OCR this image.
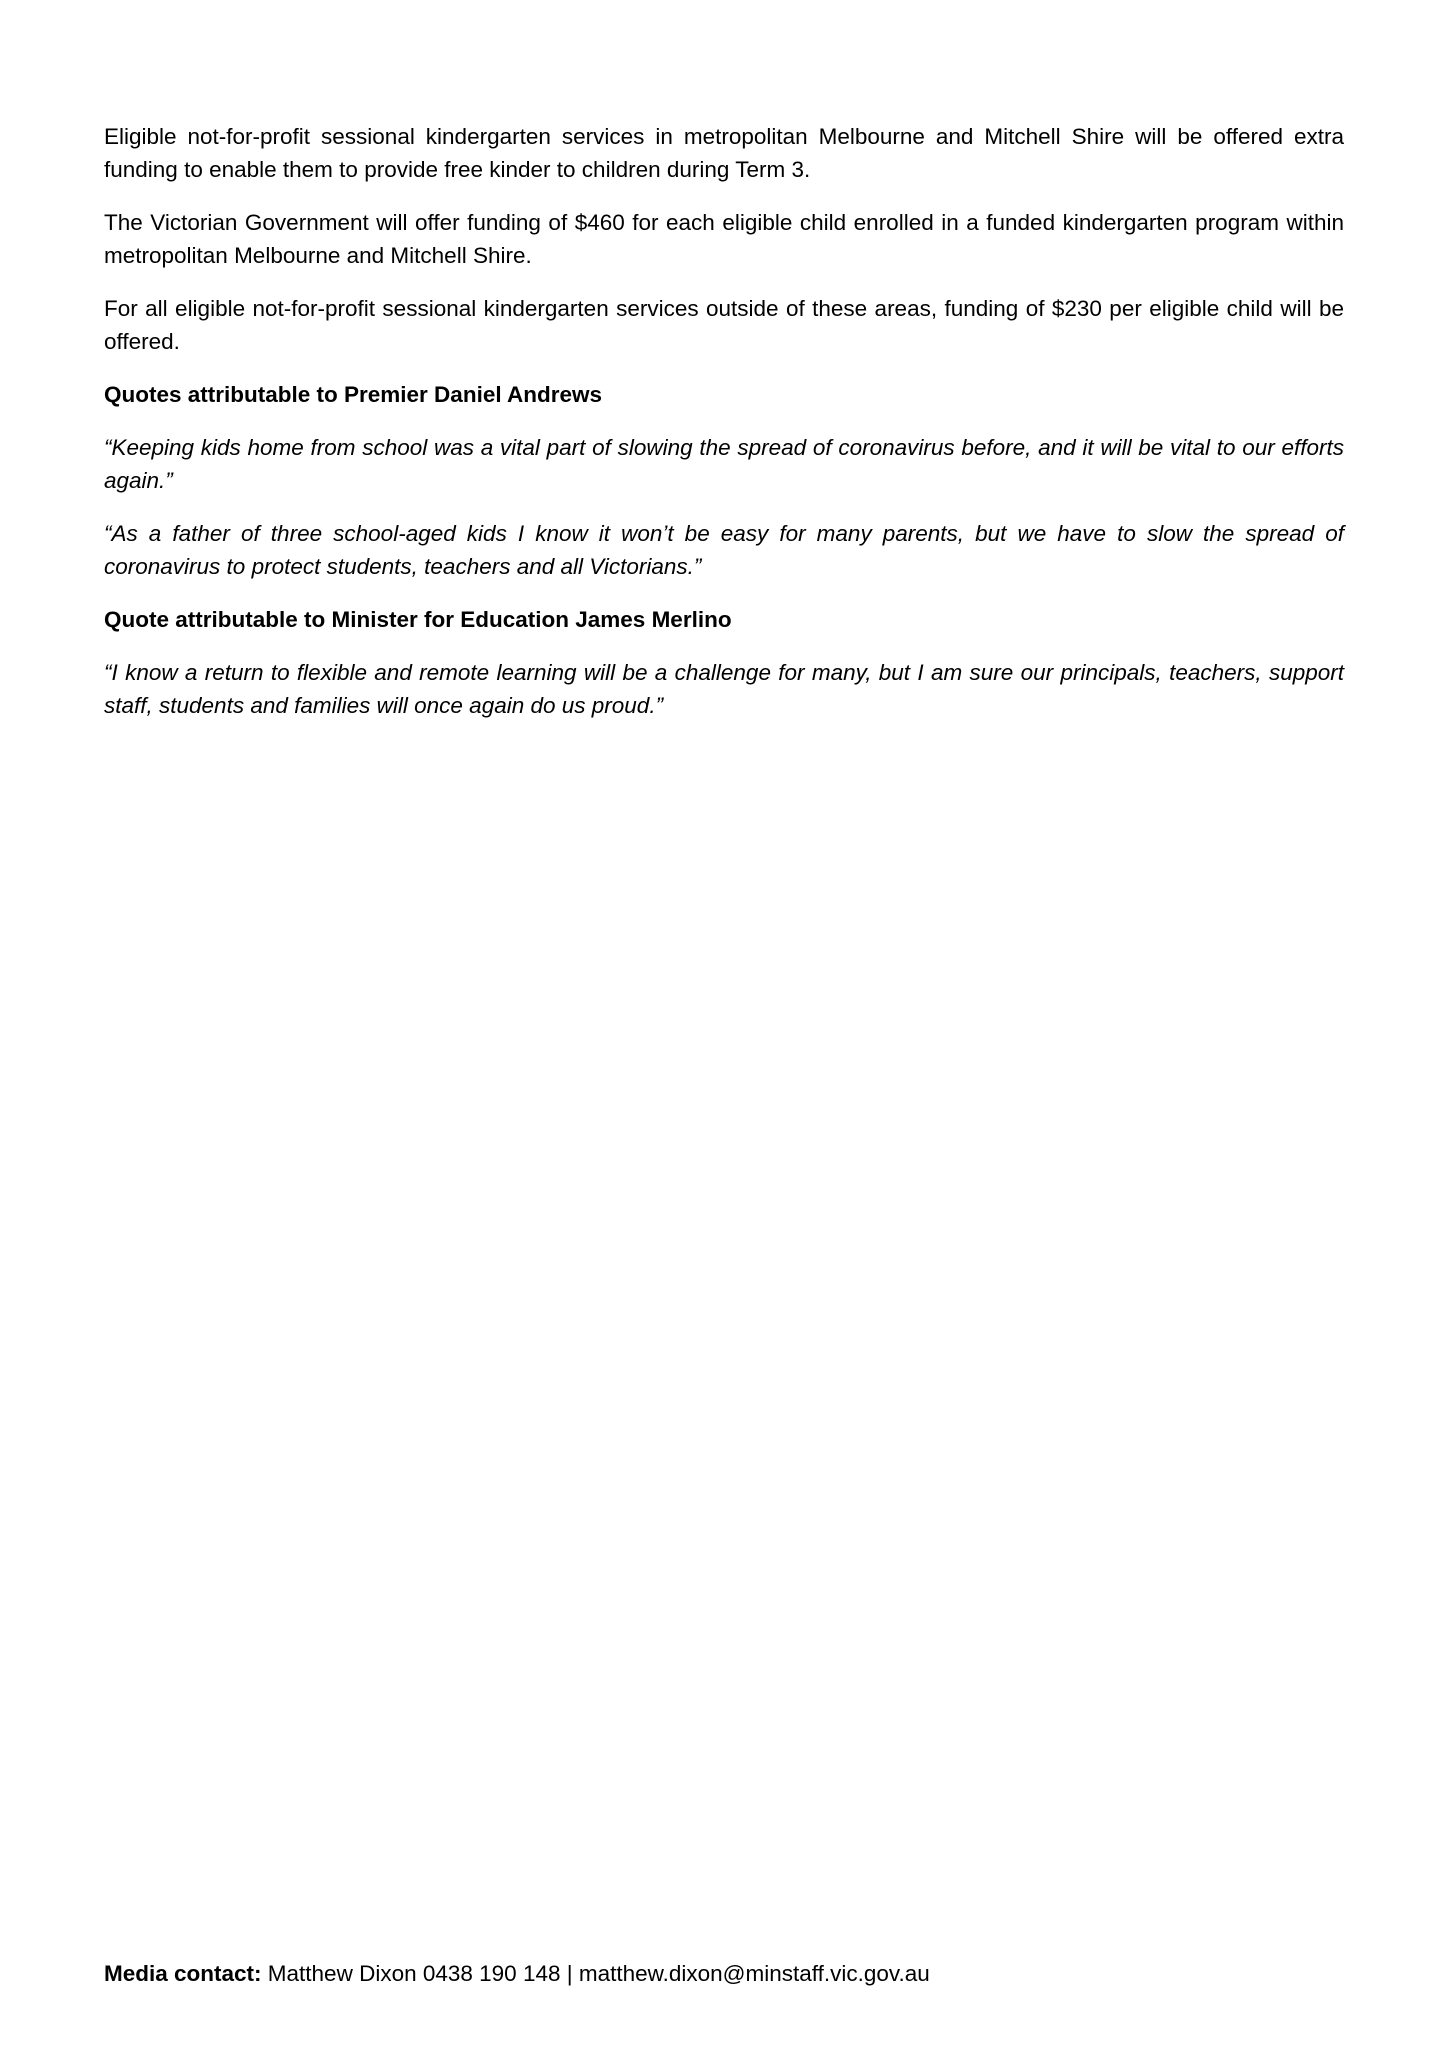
Eligible not-for-profit sessional kindergarten services in metropolitan Melbourne and Mitchell Shire will be offered extra funding to enable them to provide free kinder to children during Term 3.

The Victorian Government will offer funding of $460 for each eligible child enrolled in a funded kindergarten program within metropolitan Melbourne and Mitchell Shire.

For all eligible not-for-profit sessional kindergarten services outside of these areas, funding of $230 per eligible child will be offered.

Quotes attributable to Premier Daniel Andrews

“Keeping kids home from school was a vital part of slowing the spread of coronavirus before, and it will be vital to our efforts again.”

“As a father of three school-aged kids I know it won’t be easy for many parents, but we have to slow the spread of coronavirus to protect students, teachers and all Victorians.”

Quote attributable to Minister for Education James Merlino

“I know a return to flexible and remote learning will be a challenge for many, but I am sure our principals, teachers, support staff, students and families will once again do us proud.”

Media contact: Matthew Dixon 0438 190 148 | matthew.dixon@minstaff.vic.gov.au
